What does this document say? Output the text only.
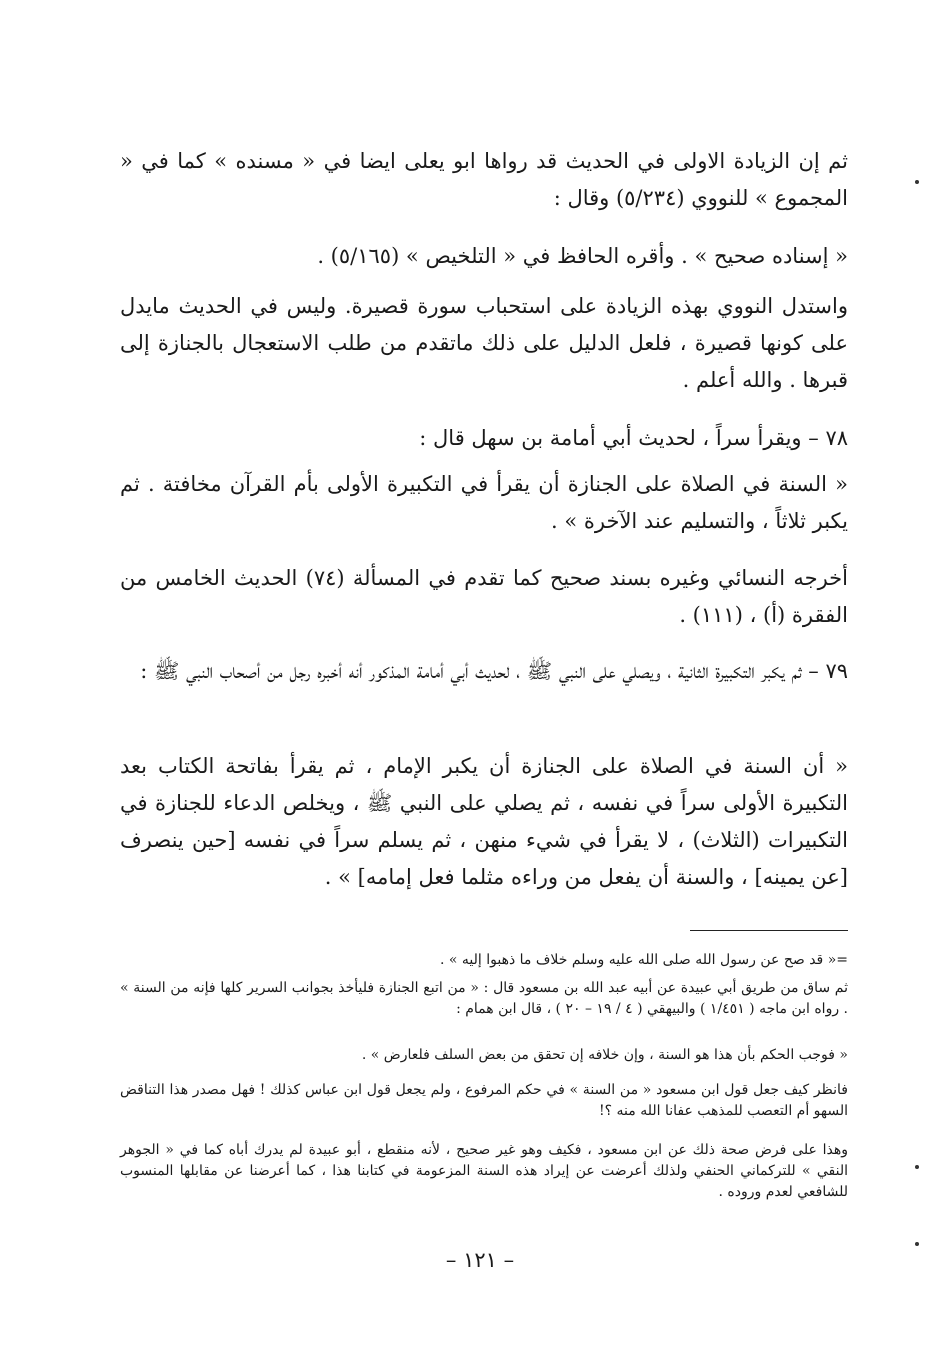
ثم إن الزيادة الاولى في الحديث قد رواها ابو يعلى ايضا في « مسنده » كما في « المجموع » للنووي (٥/٢٣٤) وقال :

« إسناده صحيح » . وأقره الحافظ في « التلخيص » (٥/١٦٥) .

واستدل النووي بهذه الزيادة على استحباب سورة قصيرة. وليس في الحديث مايدل على كونها قصيرة ، فلعل الدليل على ذلك ماتقدم من طلب الاستعجال بالجنازة إلى قبرها . والله أعلم .

٧٨ – ويقرأ سراً ، لحديث أبي أمامة بن سهل قال :

« السنة في الصلاة على الجنازة أن يقرأ في التكبيرة الأولى بأم القرآن مخافتة . ثم يكبر ثلاثاً ، والتسليم عند الآخرة » .

أخرجه النسائي وغيره بسند صحيح كما تقدم في المسألة (٧٤) الحديث الخامس من الفقرة (أ) ، (١١١) .

٧٩ – ثم يكبر التكبيرة الثانية ، ويصلي على النبي ﷺ ، لحديث أبي أمامة المذكور أنه أخبره رجل من أصحاب النبي ﷺ :

« أن السنة في الصلاة على الجنازة أن يكبر الإمام ، ثم يقرأ بفاتحة الكتاب بعد التكبيرة الأولى سراً في نفسه ، ثم يصلي على النبي ﷺ ، ويخلص الدعاء للجنازة في التكبيرات (الثلاث) ، لا يقرأ في شيء منهن ، ثم يسلم سراً في نفسه [حين ينصرف [عن يمينه] ، والسنة أن يفعل من وراءه مثلما فعل إمامه] » .

=« قد صح عن رسول الله صلى الله عليه وسلم خلاف ما ذهبوا إليه » .

ثم ساق من طريق أبي عبيدة عن أبيه عبد الله بن مسعود قال : « من اتبع الجنازة فليأخذ بجوانب السرير كلها فإنه من السنة » . رواه ابن ماجه ( ١/٤٥١ ) والبيهقي ( ٤ / ١٩ – ٢٠ ) ، قال ابن همام :

« فوجب الحكم بأن هذا هو السنة ، وإن خلافه إن تحقق من بعض السلف فلعارض » .

فانظر كيف جعل قول ابن مسعود « من السنة » في حكم المرفوع ، ولم يجعل قول ابن عباس كذلك ! فهل مصدر هذا التناقض السهو أم التعصب للمذهب عفانا الله منه ؟!

وهذا على فرض صحة ذلك عن ابن مسعود ، فكيف وهو غير صحيح ، لأنه منقطع ، أبو عبيدة لم يدرك أباه كما في « الجوهر النقي » للتركماني الحنفي ولذلك أعرضت عن إيراد هذه السنة المزعومة في كتابنا هذا ، كما أعرضنا عن مقابلها المنسوب للشافعي لعدم وروده .

– ١٢١ –
